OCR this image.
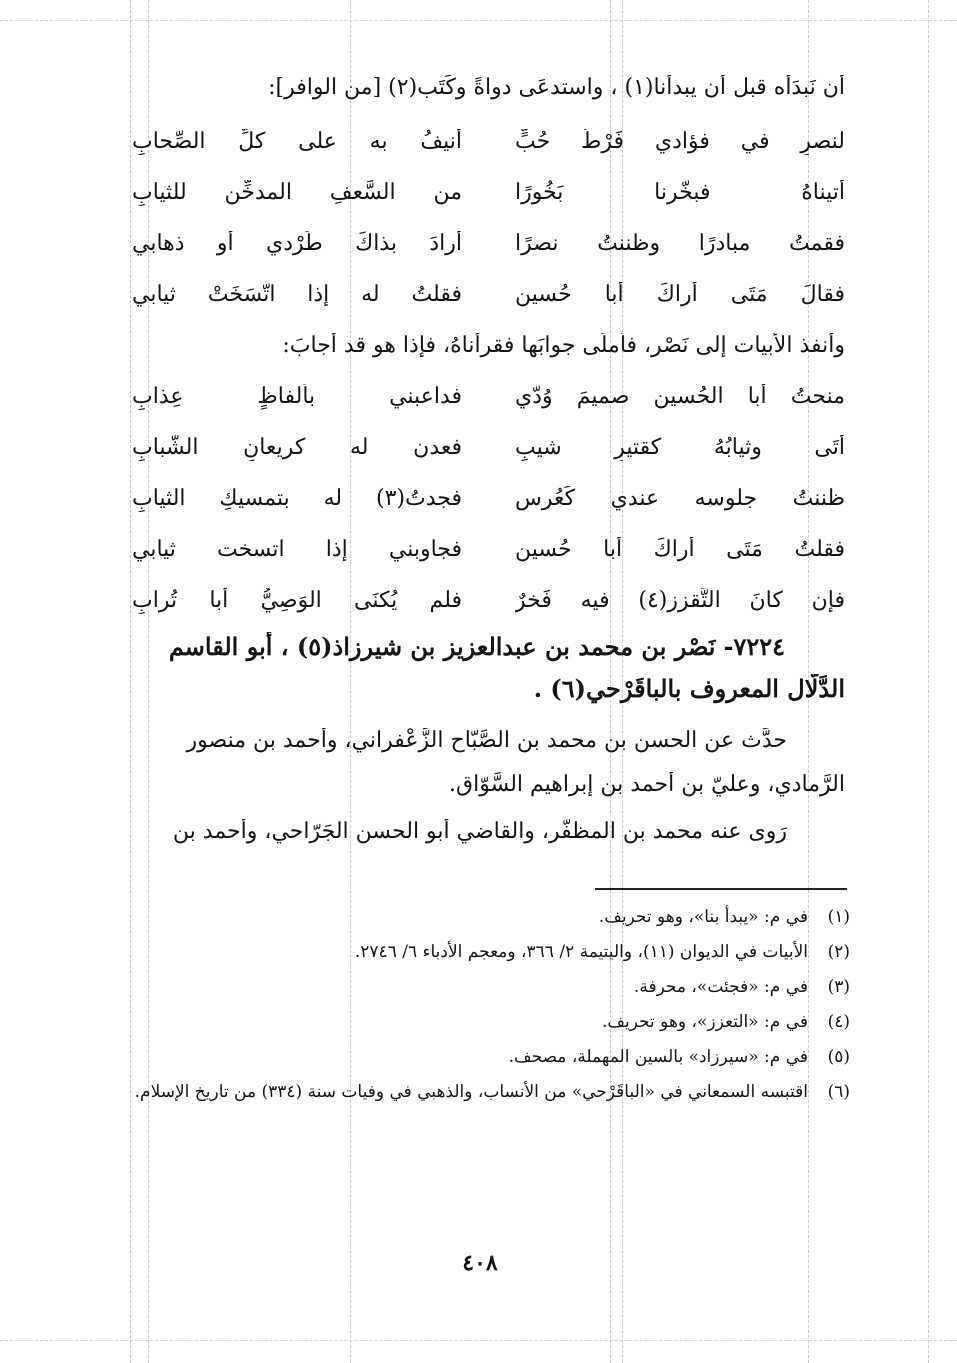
أن نَبدَأه قبل أن يبدأنا(١) ، واستدعَى دواةً وكَتَب(٢) [من الوافر]:
لنصرٍ في فؤادي فَرْطُ حُبٍّ
أُنيفُ به على كلِّ الصِّحابِ
أتيناهُ فبخَّرنا بَخُورًا
من السَّعفِ المدخِّن للثيابِ
فقمتُ مبادرًا وظننتُ نصرًا
أرادَ بذاكَ طَرْدي أو ذهابي
فقالَ مَتَى أراكَ أبا حُسينٍ
فقلتُ له إذا اتّسَخَتْ ثيابي
وأنفذ الأبيات إلى نَصْر، فأملَى جوابَها فقرأناهُ، فإذا هو قد أجابَ:
منحتُ أبا الحُسين صميمَ وُدّي
فداعبني بألفاظٍ عِذابِ
أتَى وثيابُهُ كقتيرِ شيبٍ
فعدن له كريعانِ الشَّبابِ
ظننتُ جلوسه عندي كَعُرسٍ
فجدتُ(٣) له بتمسيكِ الثيابِ
فقلتُ مَتَى أراكَ أبا حُسينٍ
فجاوبني إذا اتسخت ثيابي
فإن كانَ التَّقزز(٤) فيه فَخرٌ
فلم يُكنَى الوَصِيُّ أبا تُرابِ
٧٢٢٤-نَصْر بن محمد بن عبدالعزيز بن شيرزاذ(٥) ، أبو القاسم
الدَّلّال المعروف بالباقَرْحي(٦) .
حدَّث عن الحسن بن محمد بن الصَّبّاح الزَّعْفراني، وأحمد بن منصور
الرَّمادي، وعليّ بن أحمد بن إبراهيم السَّوّاق.
رَوى عنه محمد بن المظفَّر، والقاضي أبو الحسن الجَرّاحي، وأحمد بن
(١)
في م: «يبدأ بنا»، وهو تحريف.
(٢)
الأبيات في الديوان (١١)، واليتيمة ٢/ ٣٦٦، ومعجم الأدباء ٦/ ٢٧٤٦.
(٣)
في م: «فجئت»، محرفة.
(٤)
في م: «التعزز»، وهو تحريف.
(٥)
في م: «سيرزاد» بالسين المهملة، مصحف.
(٦)
اقتبسه السمعاني في «الباقَرْحي» من الأنساب، والذهبي في وفيات سنة (٣٣٤) من تاريخ الإسلام.
٤٠٨
